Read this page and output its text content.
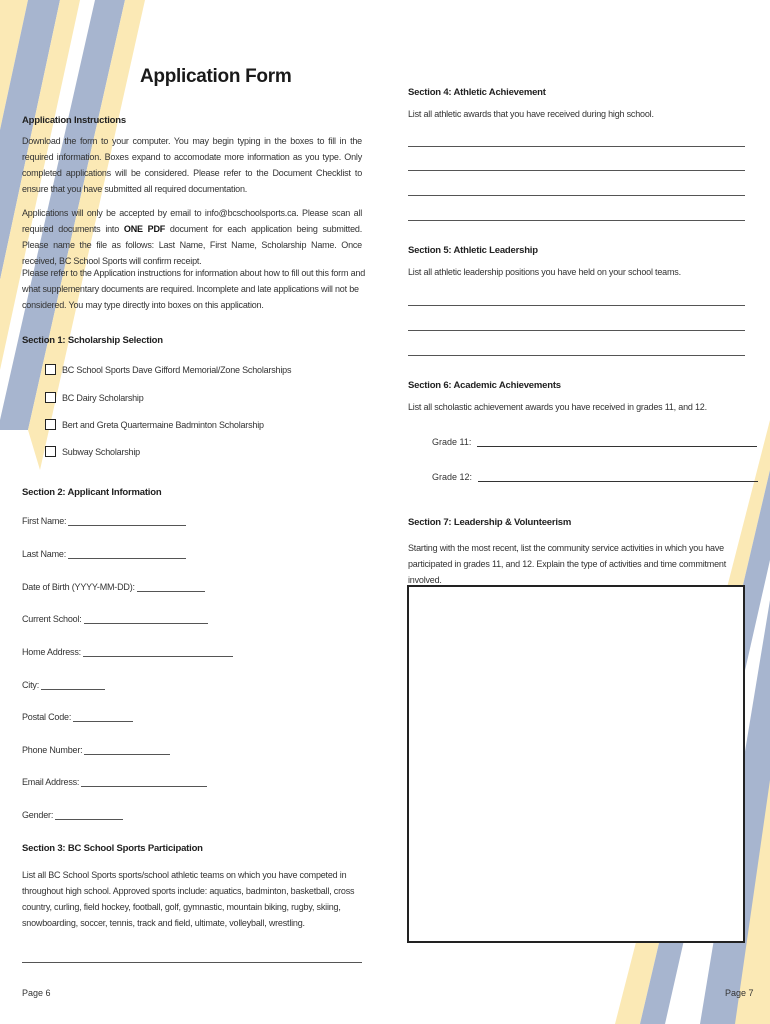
Application Form
Application Instructions
Download the form to your computer. You may begin typing in the boxes to fill in the required information. Boxes expand to accomodate more information as you type. Only completed applications will be considered. Please refer to the Document Checklist to ensure that you have submitted all required documentation.
Applications will only be accepted by email to info@bcschoolsports.ca. Please scan all required documents into ONE PDF document for each application being submitted. Please name the file as follows: Last Name, First Name, Scholarship Name. Once received, BC School Sports will confirm receipt.
Please refer to the Application instructions for information about how to fill out this form and what supplementary documents are required. Incomplete and late applications will not be considered. You may type directly into boxes on this application.
Section 1: Scholarship Selection
BC School Sports Dave Gifford Memorial/Zone Scholarships
BC Dairy Scholarship
Bert and Greta Quartermaine Badminton Scholarship
Subway Scholarship
Section 2: Applicant Information
First Name:
Last Name:
Date of Birth (YYYY-MM-DD):
Current School:
Home Address:
City:
Postal Code:
Phone Number:
Email Address:
Gender:
Section 3: BC School Sports Participation
List all BC School Sports sports/school athletic teams on which you have competed in throughout high school. Approved sports include: aquatics, badminton, basketball, cross country, curling, field hockey, football, golf, gymnastic, mountain biking, rugby, skiing, snowboarding, soccer, tennis, track and field, ultimate, volleyball, wrestling.
Page 6
Section 4: Athletic Achievement
List all athletic awards that you have received during high school.
Section 5: Athletic Leadership
List all athletic leadership positions you have held on your school teams.
Section 6: Academic Achievements
List all scholastic achievement awards you have received in grades 11, and 12.
Grade 11:
Grade 12:
Section 7: Leadership & Volunteerism
Starting with the most recent, list the community service activities in which you have participated in grades 11, and 12. Explain the type of activities and time commitment involved.
Page 7
